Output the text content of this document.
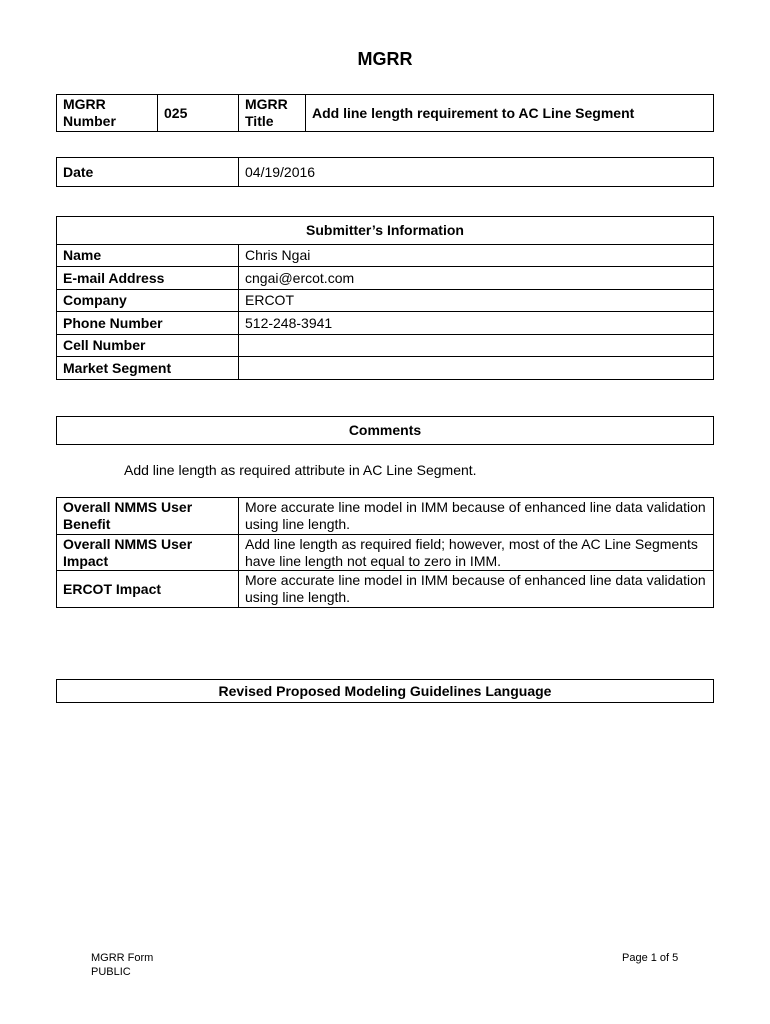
MGRR
MGRR Number	025	MGRR Title	Add line length requirement to AC Line Segment
Date	04/19/2016
Submitter’s Information	
Name	Chris Ngai
E-mail Address	cngai@ercot.com
Company	ERCOT
Phone Number	512-248-3941
Cell Number	
Market Segment	
Comments
Add line length as required attribute in AC Line Segment.
Overall NMMS User Benefit	More accurate line model in IMM because of enhanced line data validation using line length.
Overall NMMS User Impact	Add line length as required field; however, most of the AC Line Segments have line length not equal to zero in IMM.
ERCOT Impact	More accurate line model in IMM because of enhanced line data validation using line length.
Revised Proposed Modeling Guidelines Language
MGRR Form
PUBLIC
Page 1 of 5
